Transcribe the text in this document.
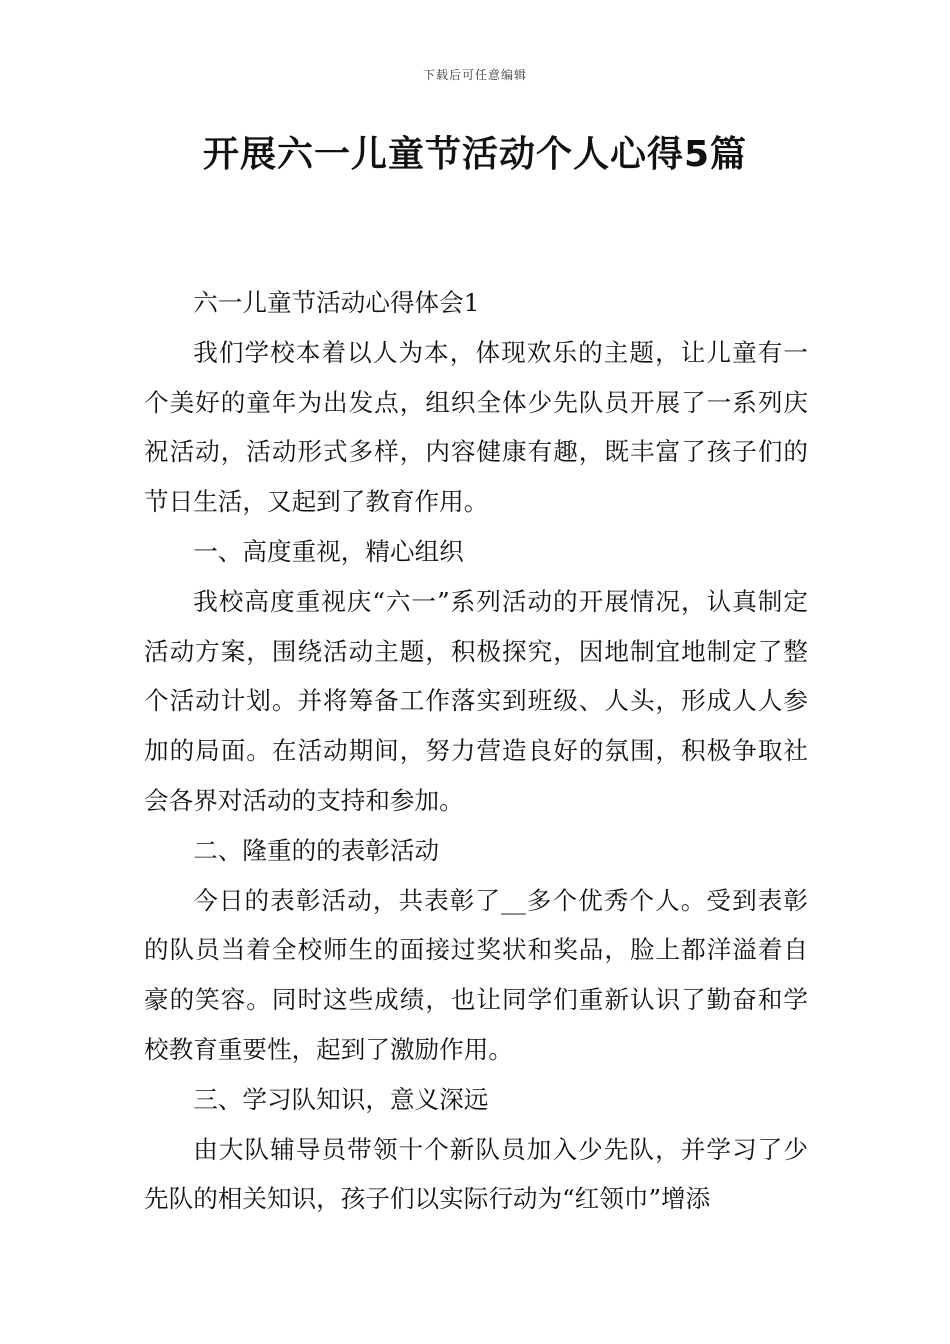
下载后可任意编辑
开展六一儿童节活动个人心得5篇

六一儿童节活动心得体会1

我们学校本着以人为本，体现欢乐的主题，让儿童有一个美好的童年为出发点，组织全体少先队员开展了一系列庆祝活动，活动形式多样，内容健康有趣，既丰富了孩子们的节日生活，又起到了教育作用。

一、高度重视，精心组织

我校高度重视庆“六一”系列活动的开展情况，认真制定活动方案，围绕活动主题，积极探究，因地制宜地制定了整个活动计划。并将筹备工作落实到班级、人头，形成人人参加的局面。在活动期间，努力营造良好的氛围，积极争取社会各界对活动的支持和参加。

二、隆重的的表彰活动

今日的表彰活动，共表彰了__多个优秀个人。受到表彰的队员当着全校师生的面接过奖状和奖品，脸上都洋溢着自豪的笑容。同时这些成绩，也让同学们重新认识了勤奋和学校教育重要性，起到了激励作用。

三、学习队知识，意义深远

由大队辅导员带领十个新队员加入少先队，并学习了少先队的相关知识，孩子们以实际行动为“红领巾”增添
